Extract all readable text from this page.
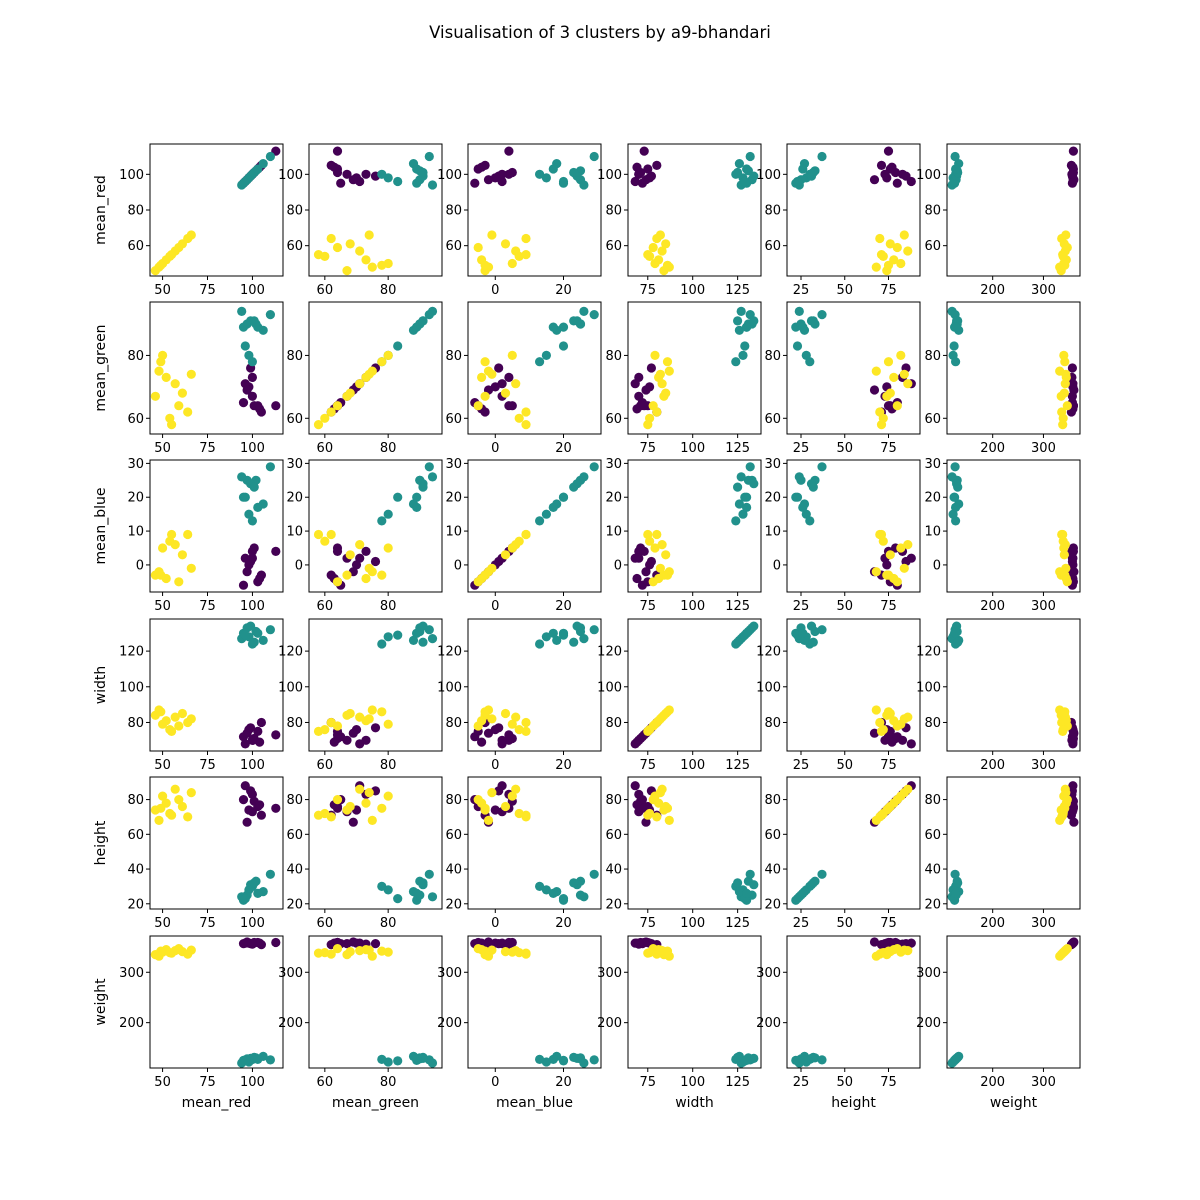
Visualisation of 3 clusters by a9-bhandari
60
80
100
50 75 100
mean_red
60
80
100
60	80
60
80
100
0	20
60
80
100
75 100 125
60
80
100
25 50 75
60
80
100
200 300
60
80
50 75 100
mean_green
60
80
60	80
60
80
0	20
60
80
75 100 125
60
80
25 50 75
60
80
200 300
0
10
20
30
50 75 100
mean_blue
0
10
20
30
60	80
0
10
20
30
0	20
0
10
20
30
75 100 125
0
10
20
30
25 50 75
0
10
20
30
200 300
80
100
120
50 75 100
width
80
100
120
60	80
80
100
120
0	20
80
100
120
75 100 125
80
100
120
25 50 75
80
100
120
200 300
20
40
60
80
50 75 100
height
20
40
60
80
60	80
20
40
60
80
0	20
20
40
60
80
75 100 125
20
40
60
80
25 50 75
20
40
60
80
200 300
200
300
50 75 100
weight
mean_red
200
300
60	80
mean_green
200
300
0	20
mean_blue
200
300
75 100 125
width
200
300
25 50 75
height
200
300
200 300
weight
